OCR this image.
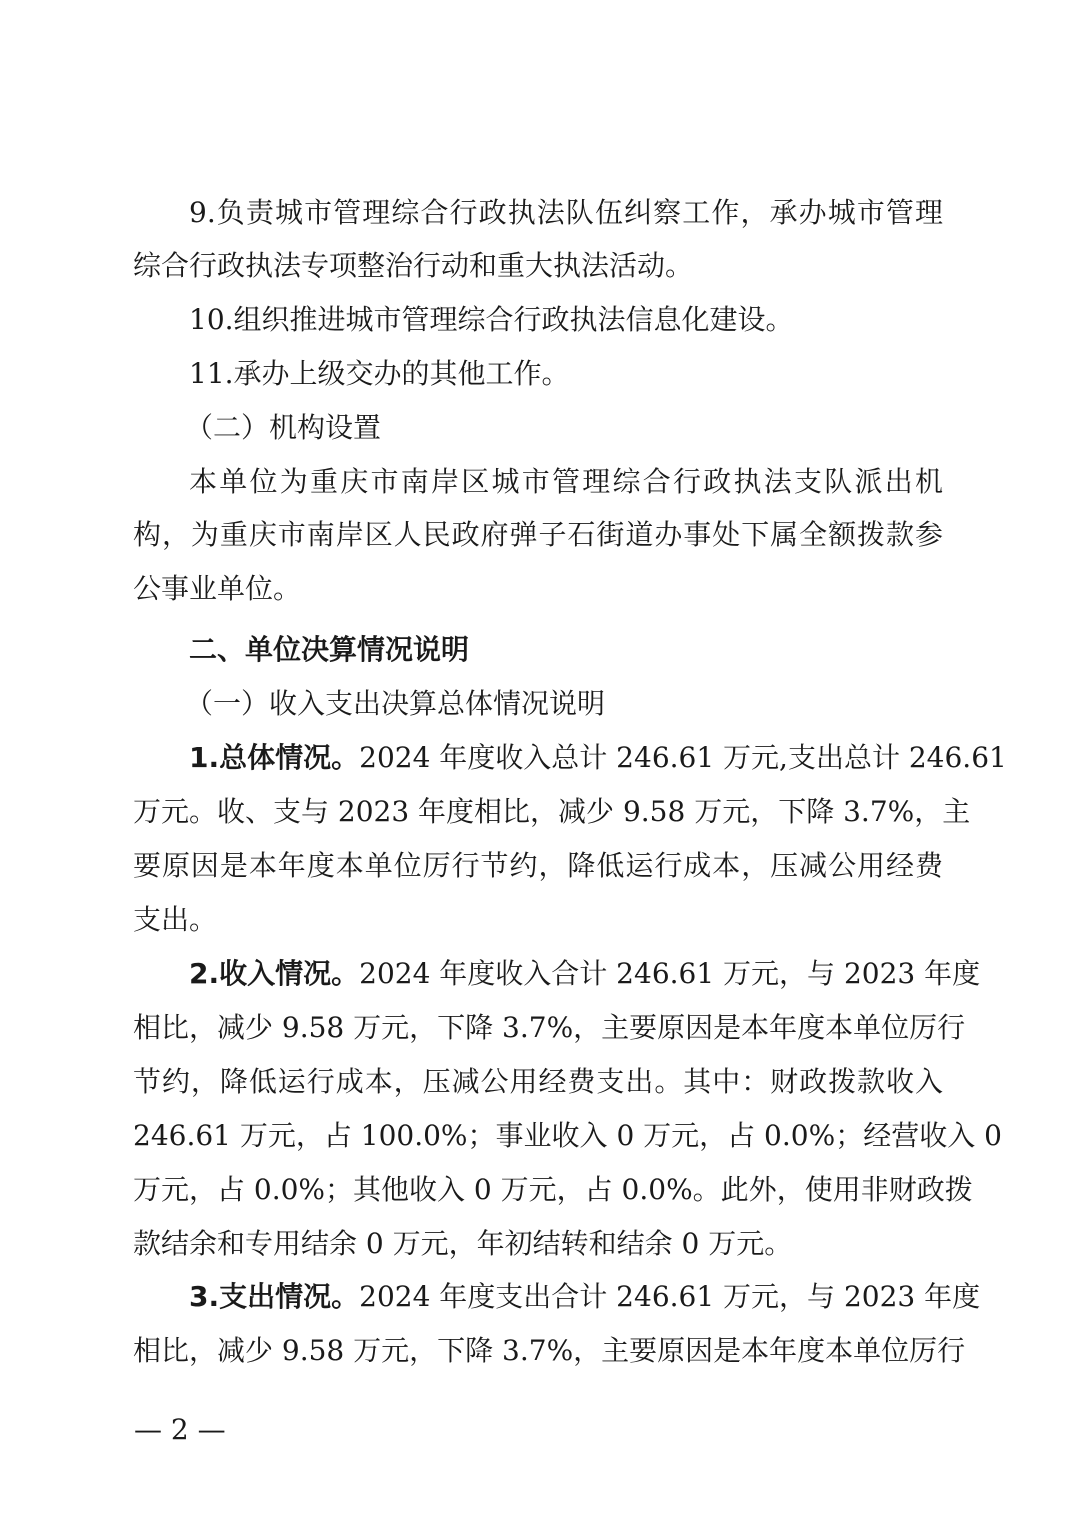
9.负责城市管理综合行政执法队伍纠察工作，承办城市管理

综合行政执法专项整治行动和重大执法活动。

10.组织推进城市管理综合行政执法信息化建设。

11.承办上级交办的其他工作。

（二）机构设置

本单位为重庆市南岸区城市管理综合行政执法支队派出机

构，为重庆市南岸区人民政府弹子石街道办事处下属全额拨款参

公事业单位。

二、单位决算情况说明

（一）收入支出决算总体情况说明

1.总体情况。2024 年度收入总计 246.61 万元,支出总计 246.61

万元。收、支与 2023 年度相比，减少 9.58 万元，下降 3.7%，主

要原因是本年度本单位厉行节约，降低运行成本，压减公用经费

支出。

2.收入情况。2024 年度收入合计 246.61 万元，与 2023 年度

相比，减少 9.58 万元，下降 3.7%，主要原因是本年度本单位厉行

节约，降低运行成本，压减公用经费支出。其中：财政拨款收入

246.61 万元，占 100.0%；事业收入 0 万元，占 0.0%；经营收入 0

万元，占 0.0%；其他收入 0 万元，占 0.0%。此外，使用非财政拨

款结余和专用结余 0 万元，年初结转和结余 0 万元。

3.支出情况。2024 年度支出合计 246.61 万元，与 2023 年度

相比，减少 9.58 万元，下降 3.7%，主要原因是本年度本单位厉行

— 2 —
